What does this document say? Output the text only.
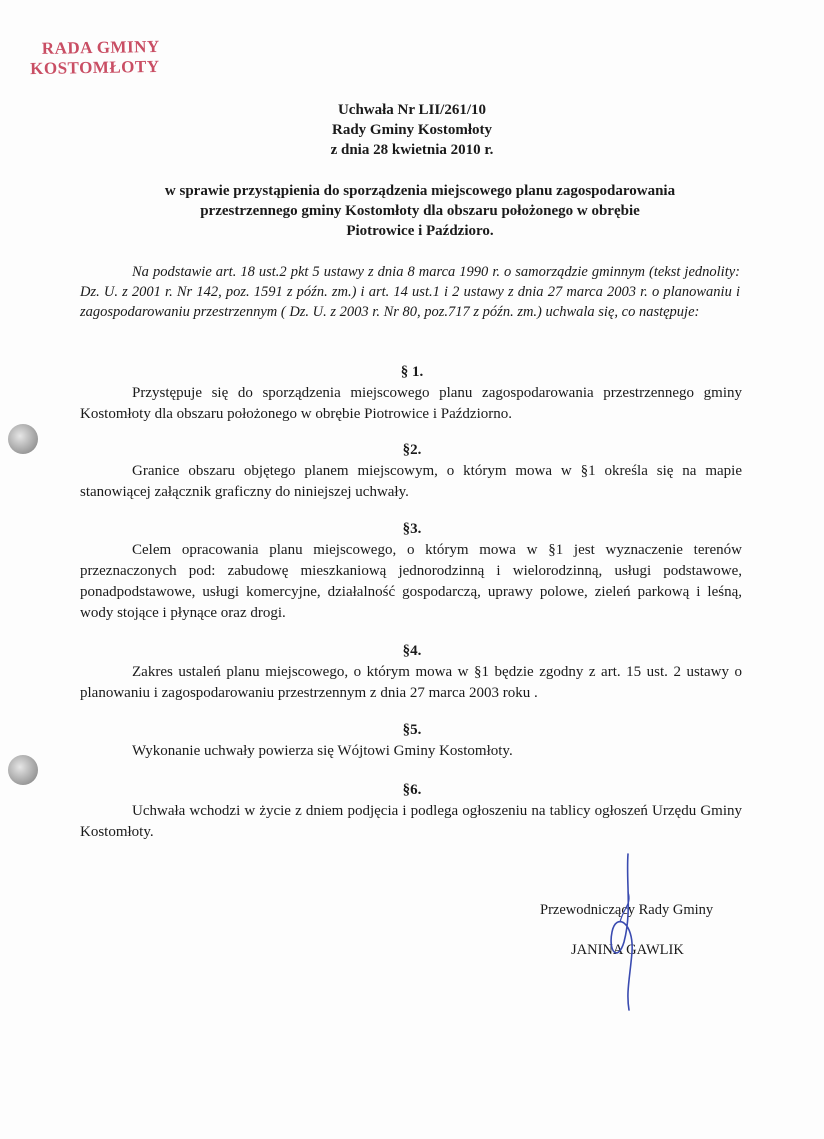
RADA GMINY
KOSTOMŁOTY
Uchwała Nr LII/261/10
Rady Gminy Kostomłoty
z dnia 28 kwietnia 2010 r.
w sprawie przystąpienia do sporządzenia miejscowego planu zagospodarowania
przestrzennego gminy Kostomłoty dla obszaru położonego w obrębie
Piotrowice i Paździoro.
Na podstawie art. 18 ust.2 pkt 5 ustawy z dnia 8 marca 1990 r. o samorządzie gminnym (tekst jednolity: Dz. U. z 2001 r. Nr 142, poz. 1591 z późn. zm.) i art. 14 ust.1 i 2 ustawy z dnia 27 marca 2003 r. o planowaniu i zagospodarowaniu przestrzennym ( Dz. U. z 2003 r. Nr 80, poz.717 z późn. zm.) uchwala się, co następuje:
§ 1.
Przystępuje się do sporządzenia miejscowego planu zagospodarowania przestrzennego gminy Kostomłoty dla obszaru położonego w obrębie Piotrowice i Paździorno.
§2.
Granice obszaru objętego planem miejscowym, o którym mowa w §1 określa się na mapie stanowiącej załącznik graficzny do niniejszej uchwały.
§3.
Celem opracowania planu miejscowego, o którym mowa w §1 jest wyznaczenie terenów przeznaczonych pod: zabudowę mieszkaniową jednorodzinną i wielorodzinną, usługi podstawowe, ponadpodstawowe, usługi komercyjne, działalność gospodarczą, uprawy polowe, zieleń parkową i leśną, wody stojące i płynące oraz drogi.
§4.
Zakres ustaleń planu miejscowego, o którym mowa w §1 będzie zgodny z art. 15 ust. 2 ustawy o planowaniu i zagospodarowaniu przestrzennym z dnia 27 marca 2003 roku .
§5.
Wykonanie uchwały powierza się Wójtowi Gminy Kostomłoty.
§6.
Uchwała wchodzi w życie z dniem podjęcia i podlega ogłoszeniu na tablicy ogłoszeń Urzędu Gminy Kostomłoty.
Przewodniczący Rady Gminy
JANINA GAWLIK
